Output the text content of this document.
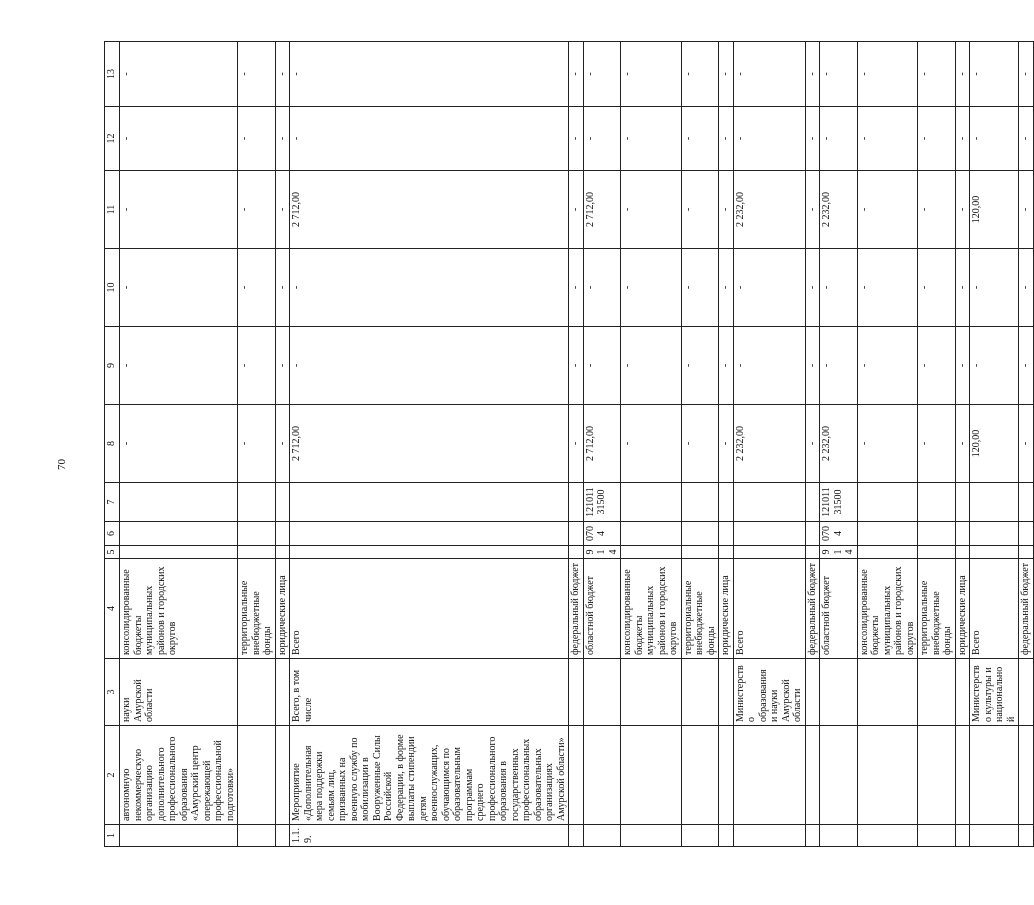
70
1	2	3	4	5	6	7	8	9	10	11	12	13
	автономную некоммерческую организацию дополнительного профессионального образования «Амурский центр опережающей профессиональной подготовки»	науки Амурской области	консолидированные бюджеты муниципальных районов и городских округов				-	-	-	-	-	-
			территориальные внебюджетные фонды				-	-	-	-	-	-
			юридические лица				-	-	-	-	-	-
1.1.9.	Мероприятие «Дополнительная мера поддержки семьям лиц, призванных на военную службу по мобилизации в Вооруженные Силы Российской Федерации, в форме выплаты стипендии детям военнослужащих, обучающимся по образовательным программам среднего профессионального образования в государственных профессиональных образовательных организациях Амурской области»	Всего, в том числе	Всего				2 712,00	-	-	2 712,00	-	-
			федеральный бюджет				-	-	-	-	-	-
			областной бюджет	914	0704	12101131500	2 712,00	-	-	2 712,00	-	-
			консолидированные бюджеты муниципальных районов и городских округов				-	-	-	-	-	-
			территориальные внебюджетные фонды				-	-	-	-	-	-
			юридические лица				-	-	-	-	-	-
		Министерство образования и науки Амурской области	Всего				2 232,00	-	-	2 232,00	-	-
			федеральный бюджет				-	-	-	-	-	-
			областной бюджет	914	0704	12101131500	2 232,00	-	-	2 232,00	-	-
			консолидированные бюджеты муниципальных районов и городских округов				-	-	-	-	-	-
			территориальные внебюджетные фонды				-	-	-	-	-	-
			юридические лица				-	-	-	-	-	-
		Министерство культуры и национальной	Всего				120,00	-	-	120,00	-	-
			федеральный бюджет				-	-	-	-	-	-
